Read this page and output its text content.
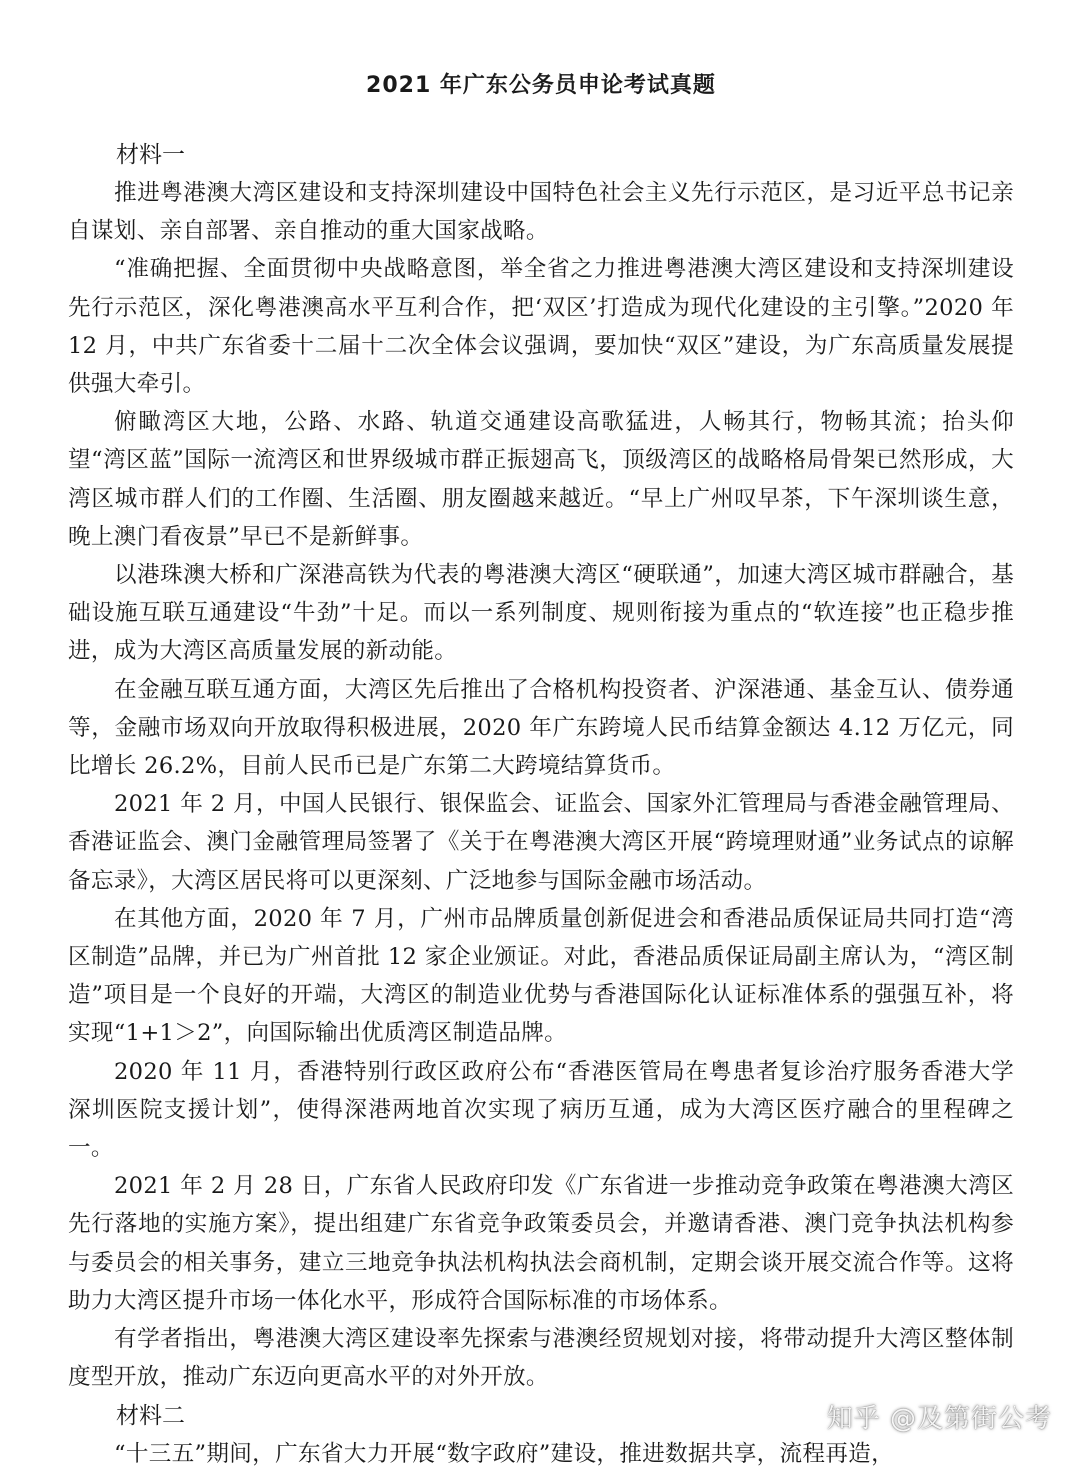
2021 年广东公务员申论考试真题

材料一

推进粤港澳大湾区建设和支持深圳建设中国特色社会主义先行示范区，是习近平总书记亲自谋划、亲自部署、亲自推动的重大国家战略。

“准确把握、全面贯彻中央战略意图，举全省之力推进粤港澳大湾区建设和支持深圳建设先行示范区，深化粤港澳高水平互利合作，把‘双区’打造成为现代化建设的主引擎。”2020 年 12 月，中共广东省委十二届十二次全体会议强调，要加快“双区”建设，为广东高质量发展提供强大牵引。

俯瞰湾区大地，公路、水路、轨道交通建设高歌猛进，人畅其行，物畅其流；抬头仰望“湾区蓝”国际一流湾区和世界级城市群正振翅高飞，顶级湾区的战略格局骨架已然形成，大湾区城市群人们的工作圈、生活圈、朋友圈越来越近。“早上广州叹早茶，下午深圳谈生意，晚上澳门看夜景”早已不是新鲜事。

以港珠澳大桥和广深港高铁为代表的粤港澳大湾区“硬联通”，加速大湾区城市群融合，基础设施互联互通建设“牛劲”十足。而以一系列制度、规则衔接为重点的“软连接”也正稳步推进，成为大湾区高质量发展的新动能。

在金融互联互通方面，大湾区先后推出了合格机构投资者、沪深港通、基金互认、债券通等，金融市场双向开放取得积极进展，2020 年广东跨境人民币结算金额达 4.12 万亿元，同比增长 26.2%，目前人民币已是广东第二大跨境结算货币。

2021 年 2 月，中国人民银行、银保监会、证监会、国家外汇管理局与香港金融管理局、香港证监会、澳门金融管理局签署了《关于在粤港澳大湾区开展“跨境理财通”业务试点的谅解备忘录》，大湾区居民将可以更深刻、广泛地参与国际金融市场活动。

在其他方面，2020 年 7 月，广州市品牌质量创新促进会和香港品质保证局共同打造“湾区制造”品牌，并已为广州首批 12 家企业颁证。对此，香港品质保证局副主席认为，“湾区制造”项目是一个良好的开端，大湾区的制造业优势与香港国际化认证标准体系的强强互补，将实现“1+1＞2”，向国际输出优质湾区制造品牌。

2020 年 11 月，香港特别行政区政府公布“香港医管局在粤患者复诊治疗服务香港大学深圳医院支援计划”，使得深港两地首次实现了病历互通，成为大湾区医疗融合的里程碑之一。

2021 年 2 月 28 日，广东省人民政府印发《广东省进一步推动竞争政策在粤港澳大湾区先行落地的实施方案》，提出组建广东省竞争政策委员会，并邀请香港、澳门竞争执法机构参与委员会的相关事务，建立三地竞争执法机构执法会商机制，定期会谈开展交流合作等。这将助力大湾区提升市场一体化水平，形成符合国际标准的市场体系。

有学者指出，粤港澳大湾区建设率先探索与港澳经贸规划对接，将带动提升大湾区整体制度型开放，推动广东迈向更高水平的对外开放。

材料二

“十三五”期间，广东省大力开展“数字政府”建设，推进数据共享，流程再造，

知乎 @及第街公考
